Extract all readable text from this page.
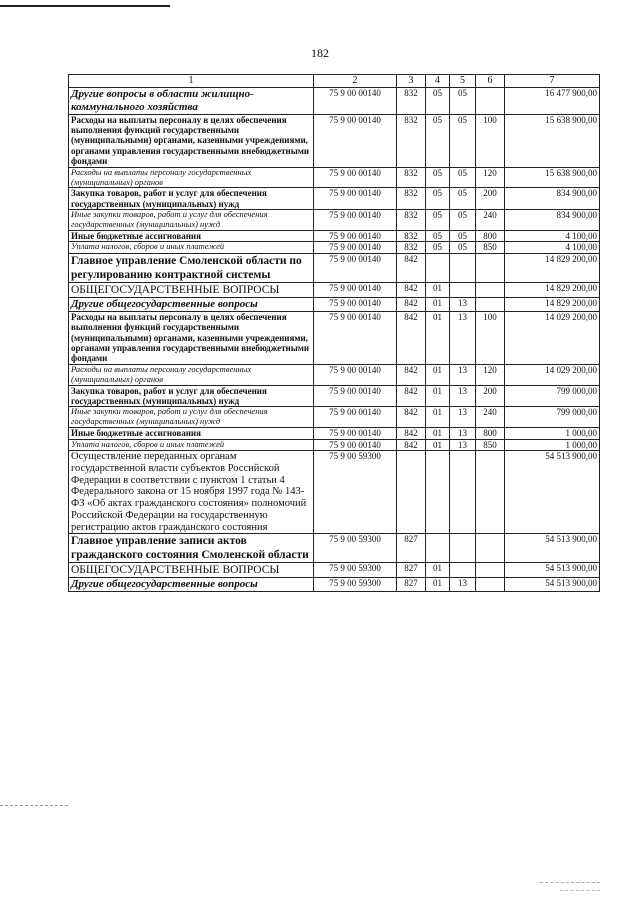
182
1	2	3	4	5	6	7
Другие вопросы в области жилищно-коммунального хозяйства	75 9 00 00140	832	05	05		16 477 900,00
Расходы на выплаты персоналу в целях обеспечения выполнения функций государственными (муниципальными) органами, казенными учреждениями, органами управления государственными внебюджетными фондами	75 9 00 00140	832	05	05	100	15 638 900,00
Расходы на выплаты персоналу государственных (муниципальных) органов	75 9 00 00140	832	05	05	120	15 638 900,00
Закупка товаров, работ и услуг для обеспечения государственных (муниципальных) нужд	75 9 00 00140	832	05	05	200	834 900,00
Иные закупки товаров, работ и услуг для обеспечения государственных (муниципальных) нужд	75 9 00 00140	832	05	05	240	834 900,00
Иные бюджетные ассигнования	75 9 00 00140	832	05	05	800	4 100,00
Уплата налогов, сборов и иных платежей	75 9 00 00140	832	05	05	850	4 100,00
Главное управление Смоленской области по регулированию контрактной системы	75 9 00 00140	842				14 829 200,00
ОБЩЕГОСУДАРСТВЕННЫЕ ВОПРОСЫ	75 9 00 00140	842	01			14 829 200,00
Другие общегосударственные вопросы	75 9 00 00140	842	01	13		14 829 200,00
Расходы на выплаты персоналу в целях обеспечения выполнения функций государственными (муниципальными) органами, казенными учреждениями, органами управления государственными внебюджетными фондами	75 9 00 00140	842	01	13	100	14 029 200,00
Расходы на выплаты персоналу государственных (муниципальных) органов	75 9 00 00140	842	01	13	120	14 029 200,00
Закупка товаров, работ и услуг для обеспечения государственных (муниципальных) нужд	75 9 00 00140	842	01	13	200	799 000,00
Иные закупки товаров, работ и услуг для обеспечения государственных (муниципальных) нужд	75 9 00 00140	842	01	13	240	799 000,00
Иные бюджетные ассигнования	75 9 00 00140	842	01	13	800	1 000,00
Уплата налогов, сборов и иных платежей	75 9 00 00140	842	01	13	850	1 000,00
Осуществление переданных органам государственной власти субъектов Российской Федерации в соответствии с пунктом 1 статьи 4 Федерального закона от 15 ноября 1997 года № 143-ФЗ «Об актах гражданского состояния» полномочий Российской Федерации на государственную регистрацию актов гражданского состояния	75 9 00 59300					54 513 900,00
Главное управление записи актов гражданского состояния Смоленской области	75 9 00 59300	827				54 513 900,00
ОБЩЕГОСУДАРСТВЕННЫЕ ВОПРОСЫ	75 9 00 59300	827	01			54 513 900,00
Другие общегосударственные вопросы	75 9 00 59300	827	01	13		54 513 900,00
